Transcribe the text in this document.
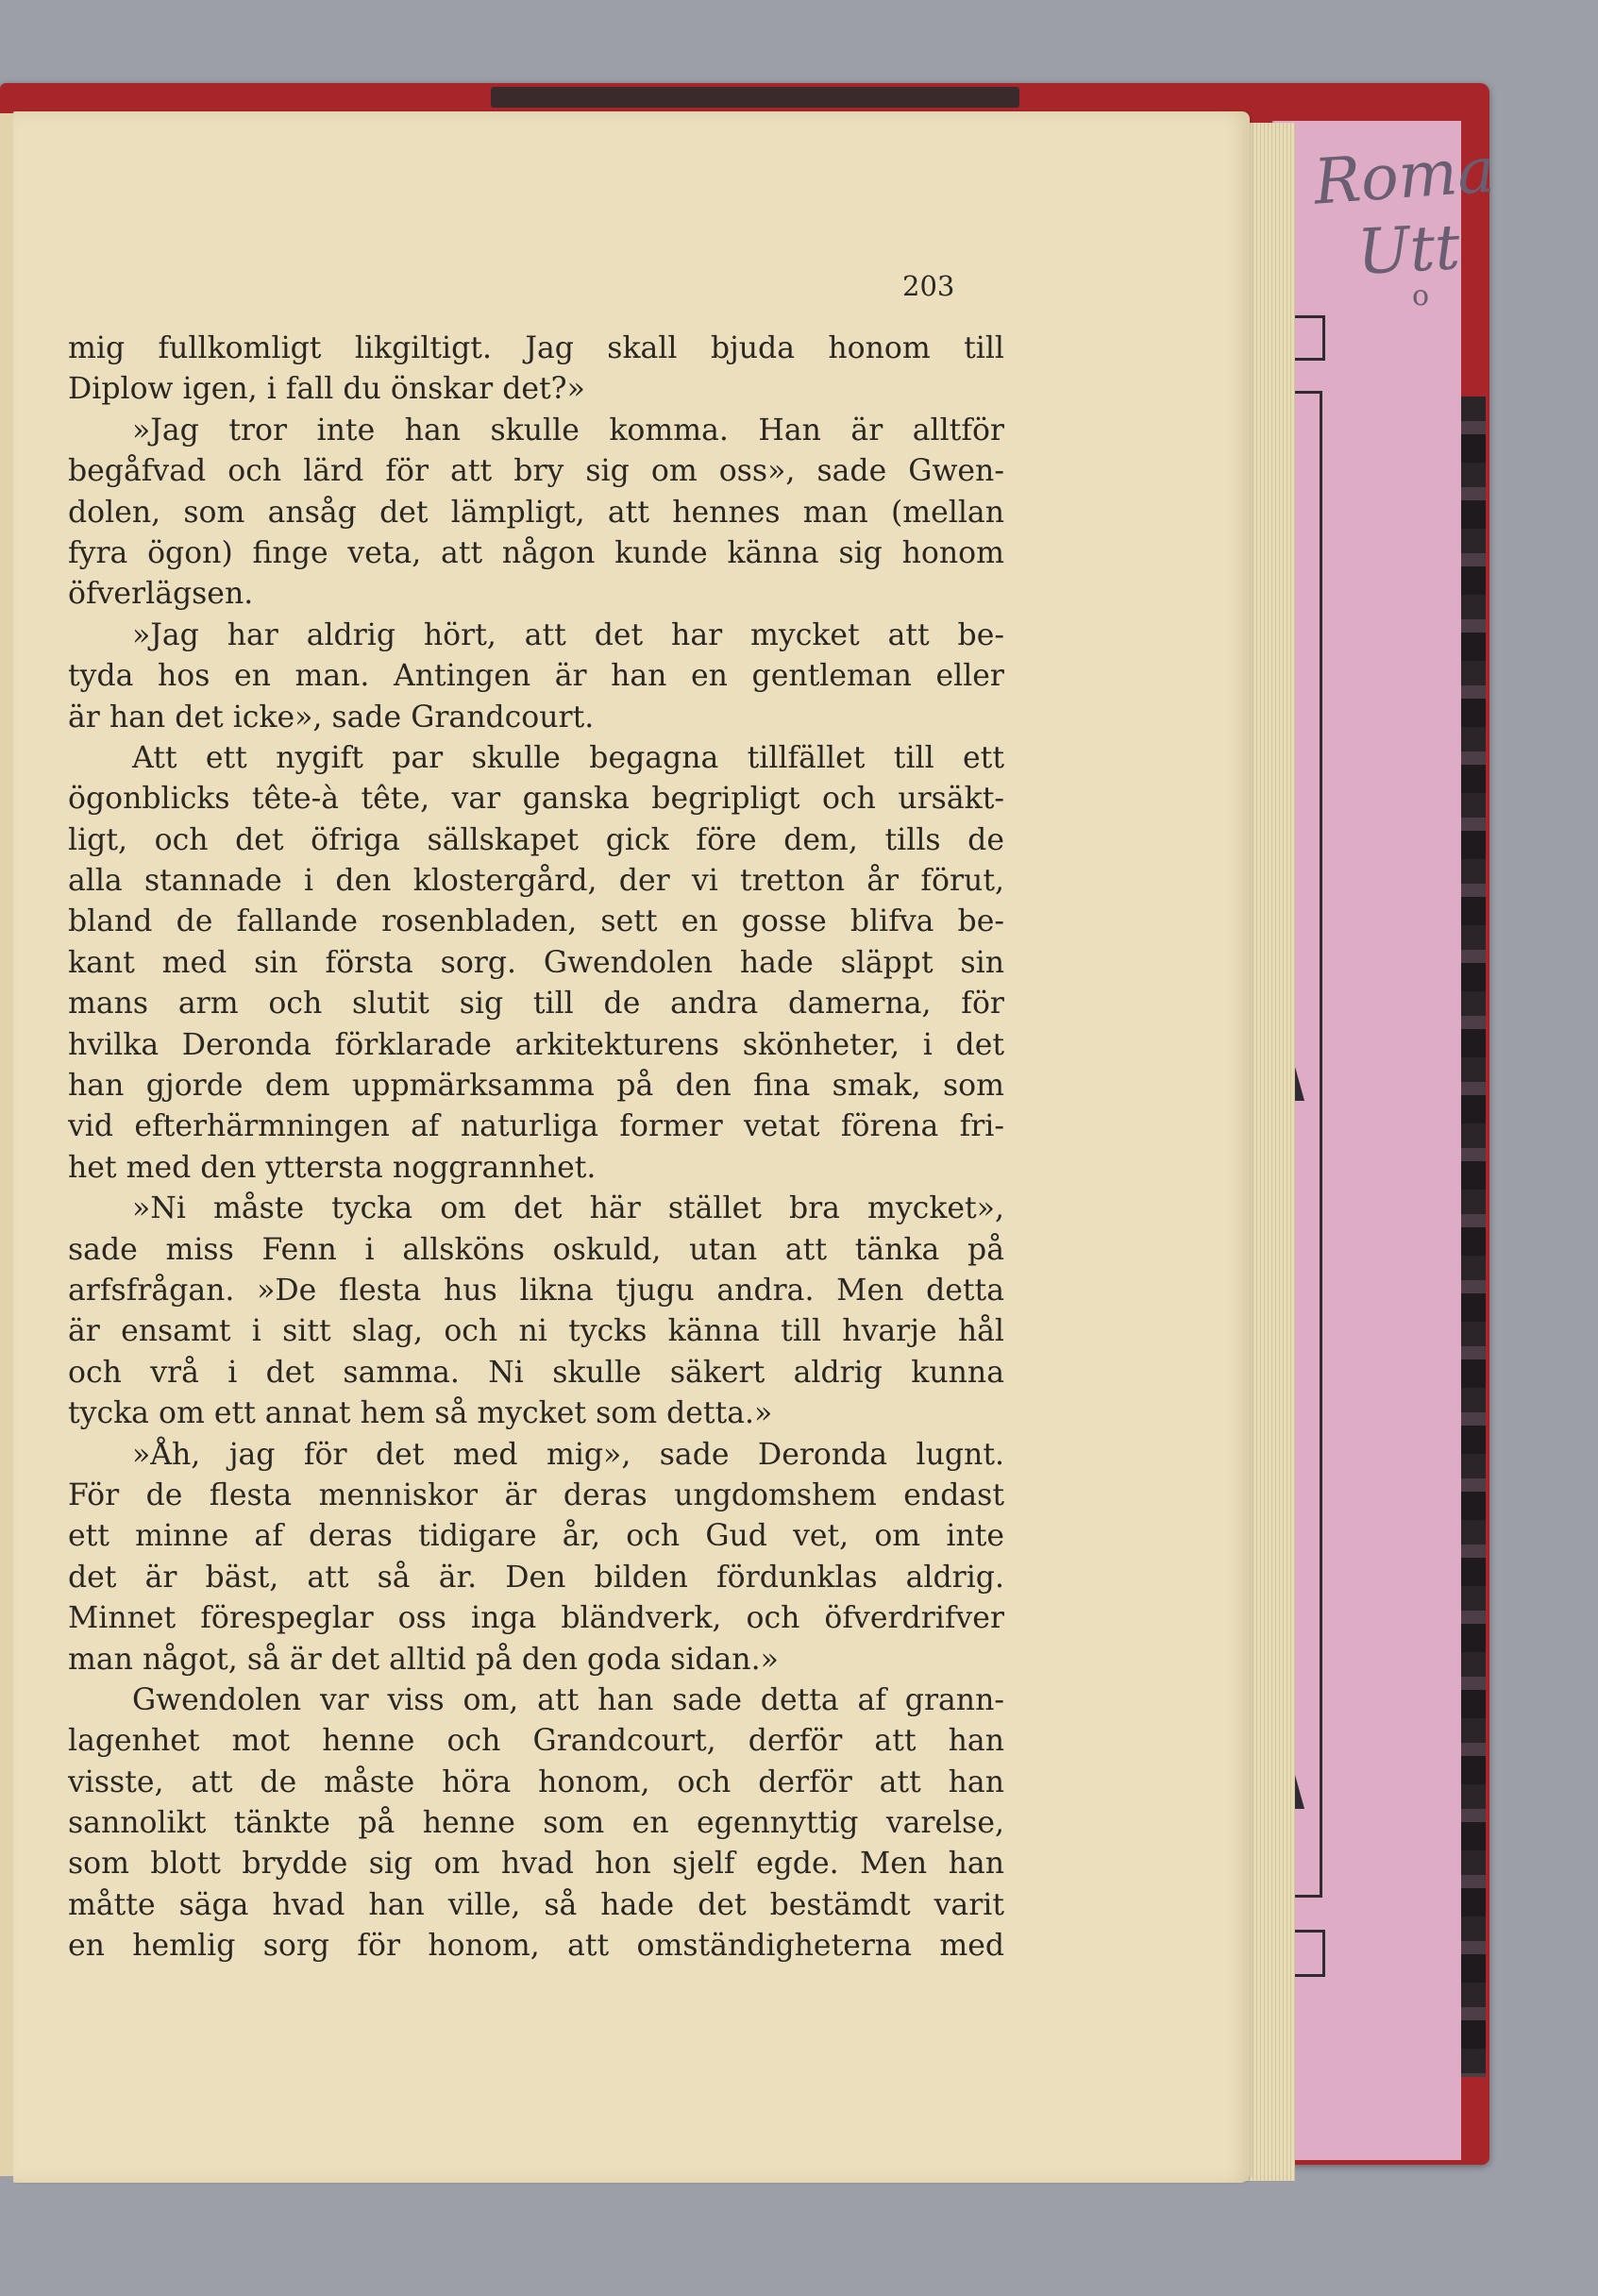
Roma
Utt
o
203
mig fullkomligt likgiltigt. Jag skall bjuda honom till
Diplow igen, i fall du önskar det?»
»Jag tror inte han skulle komma. Han är alltför
begåfvad och lärd för att bry sig om oss», sade Gwen-
dolen, som ansåg det lämpligt, att hennes man (mellan
fyra ögon) finge veta, att någon kunde känna sig honom
öfverlägsen.
»Jag har aldrig hört, att det har mycket att be-
tyda hos en man. Antingen är han en gentleman eller
är han det icke», sade Grandcourt.
Att ett nygift par skulle begagna tillfället till ett
ögonblicks tête-à tête, var ganska begripligt och ursäkt-
ligt, och det öfriga sällskapet gick före dem, tills de
alla stannade i den klostergård, der vi tretton år förut,
bland de fallande rosenbladen, sett en gosse blifva be-
kant med sin första sorg. Gwendolen hade släppt sin
mans arm och slutit sig till de andra damerna, för
hvilka Deronda förklarade arkitekturens skönheter, i det
han gjorde dem uppmärksamma på den fina smak, som
vid efterhärmningen af naturliga former vetat förena fri-
het med den yttersta noggrannhet.
»Ni måste tycka om det här stället bra mycket»,
sade miss Fenn i allsköns oskuld, utan att tänka på
arfsfrågan. »De flesta hus likna tjugu andra. Men detta
är ensamt i sitt slag, och ni tycks känna till hvarje hål
och vrå i det samma. Ni skulle säkert aldrig kunna
tycka om ett annat hem så mycket som detta.»
»Åh, jag för det med mig», sade Deronda lugnt.
För de flesta menniskor är deras ungdomshem endast
ett minne af deras tidigare år, och Gud vet, om inte
det är bäst, att så är. Den bilden fördunklas aldrig.
Minnet förespeglar oss inga bländverk, och öfverdrifver
man något, så är det alltid på den goda sidan.»
Gwendolen var viss om, att han sade detta af grann-
lagenhet mot henne och Grandcourt, derför att han
visste, att de måste höra honom, och derför att han
sannolikt tänkte på henne som en egennyttig varelse,
som blott brydde sig om hvad hon sjelf egde. Men han
måtte säga hvad han ville, så hade det bestämdt varit
en hemlig sorg för honom, att omständigheterna med
